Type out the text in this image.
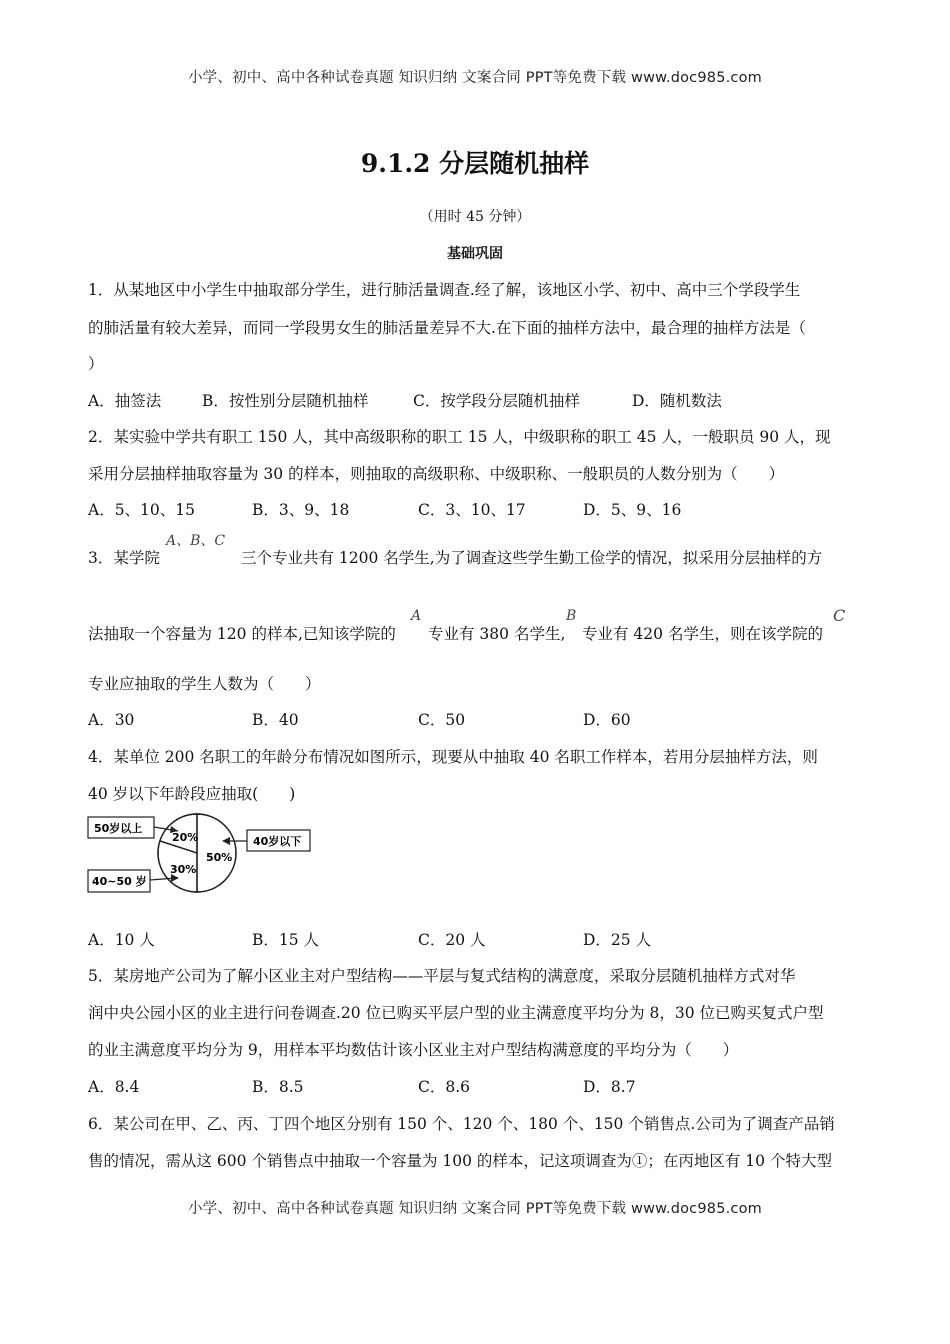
小学、初中、高中各种试卷真题 知识归纳 文案合同 PPT等免费下载 www.doc985.com
9.1.2 分层随机抽样
（用时 45 分钟）
基础巩固
1．从某地区中小学生中抽取部分学生，进行肺活量调查.经了解，该地区小学、初中、高中三个学段学生
的肺活量有较大差异，而同一学段男女生的肺活量差异不大.在下面的抽样方法中，最合理的抽样方法是（
）
A．抽签法	B．按性别分层随机抽样	C．按学段分层随机抽样	D．随机数法
2．某实验中学共有职工 150 人，其中高级职称的职工 15 人，中级职称的职工 45 人，一般职员 90 人，现
采用分层抽样抽取容量为 30 的样本，则抽取的高级职称、中级职称、一般职员的人数分别为（　　）
A．5、10、15	B．3、9、18	C．3、10、17	D．5、9、16
3．某学院
A、B、C
三个专业共有 1200 名学生,为了调查这些学生勤工俭学的情况，拟采用分层抽样的方
法抽取一个容量为 120 的样本,已知该学院的
A
专业有 380 名学生,
B
专业有 420 名学生，则在该学院的
C
专业应抽取的学生人数为（　　）
A．30	B．40	C．50	D．60
4．某单位 200 名职工的年龄分布情况如图所示，现要从中抽取 40 名职工作样本，若用分层抽样方法，则
40 岁以下年龄段应抽取(　　)
50%
30%
20%
50岁以上
40岁以下
40~50 岁
A．10 人	B．15 人	C．20 人	D．25 人
5．某房地产公司为了解小区业主对户型结构——平层与复式结构的满意度，采取分层随机抽样方式对华
润中央公园小区的业主进行问卷调查.20 位已购买平层户型的业主满意度平均分为 8，30 位已购买复式户型
的业主满意度平均分为 9，用样本平均数估计该小区业主对户型结构满意度的平均分为（　　）
A．8.4	B．8.5	C．8.6	D．8.7
6．某公司在甲、乙、丙、丁四个地区分别有 150 个、120 个、180 个、150 个销售点.公司为了调查产品销
售的情况，需从这 600 个销售点中抽取一个容量为 100 的样本，记这项调查为①；在丙地区有 10 个特大型
小学、初中、高中各种试卷真题 知识归纳 文案合同 PPT等免费下载 www.doc985.com
